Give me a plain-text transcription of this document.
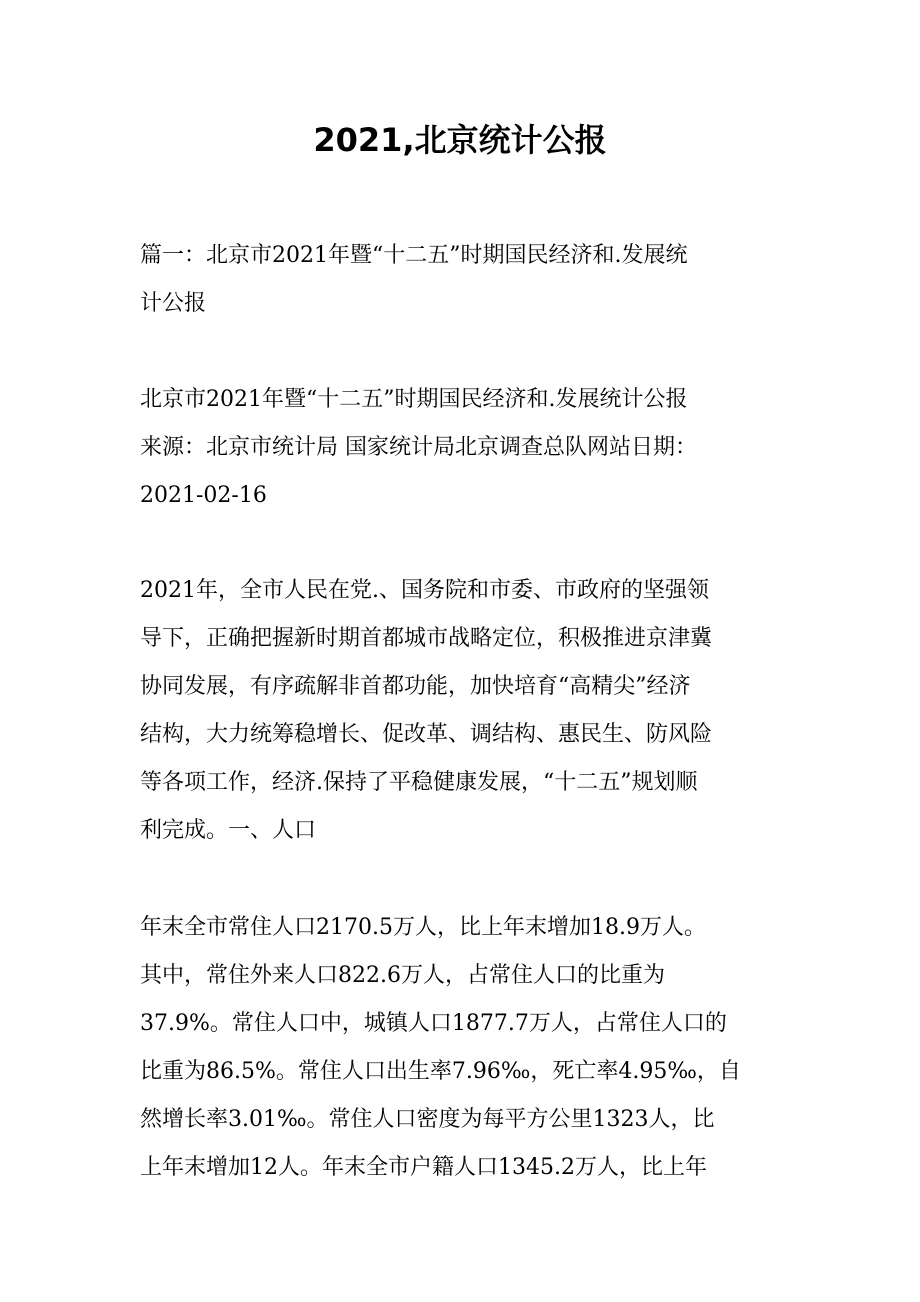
2021,北京统计公报

篇一：北京市2021年暨“十二五”时期国民经济和.发展统
计公报

北京市2021年暨“十二五”时期国民经济和.发展统计公报
来源：北京市统计局 国家统计局北京调查总队网站日期：
2021-02-16

2021年，全市人民在党.、国务院和市委、市政府的坚强领
导下，正确把握新时期首都城市战略定位，积极推进京津冀
协同发展，有序疏解非首都功能，加快培育“高精尖”经济
结构，大力统筹稳增长、促改革、调结构、惠民生、防风险
等各项工作，经济.保持了平稳健康发展，“十二五”规划顺
利完成。一、人口

年末全市常住人口2170.5万人，比上年末增加18.9万人。
其中，常住外来人口822.6万人，占常住人口的比重为
37.9%。常住人口中，城镇人口1877.7万人，占常住人口的
比重为86.5%。常住人口出生率7.96‰，死亡率4.95‰，自
然增长率3.01‰。常住人口密度为每平方公里1323人，比
上年末增加12人。年末全市户籍人口1345.2万人，比上年
